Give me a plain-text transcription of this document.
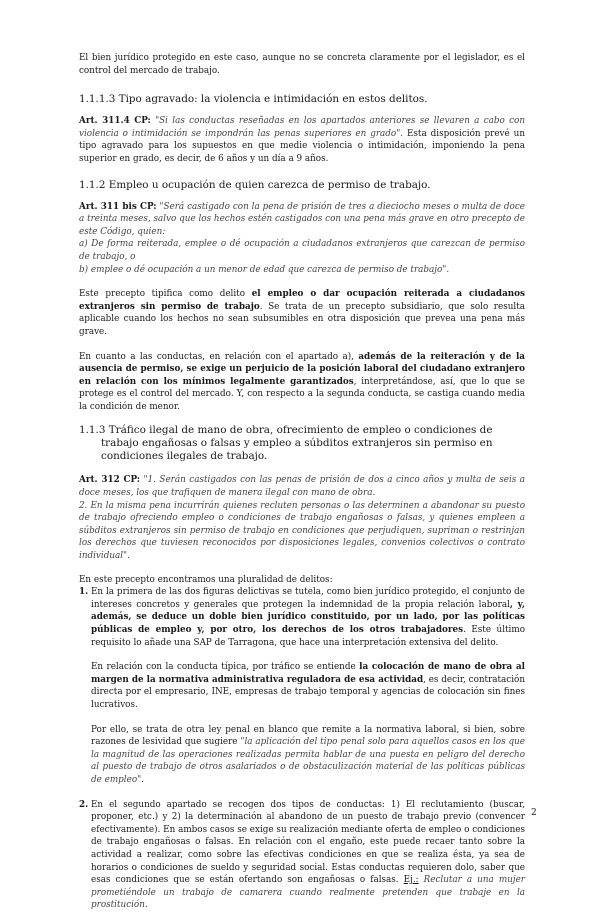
El bien jurídico protegido en este caso, aunque no se concreta claramente por el legislador, es el control del mercado de trabajo.

1.1.1.3 Tipo agravado: la violencia e intimidación en estos delitos.

Art. 311.4 CP: "Si las conductas reseñadas en los apartados anteriores se llevaren a cabo con violencia o intimidación se impondrán las penas superiores en grado". Esta disposición prevé un tipo agravado para los supuestos en que medie violencia o intimidación, imponiendo la pena superior en grado, es decir, de 6 años y un día a 9 años.

1.1.2 Empleo u ocupación de quien carezca de permiso de trabajo.

Art. 311 bis CP: "Será castigado con la pena de prisión de tres a dieciocho meses o multa de doce a treinta meses, salvo que los hechos estén castigados con una pena más grave en otro precepto de este Código, quien:

a) De forma reiterada, emplee o dé ocupación a ciudadanos extranjeros que carezcan de permiso de trabajo, o

b) emplee o dé ocupación a un menor de edad que carezca de permiso de trabajo".

Este precepto tipifica como delito el empleo o dar ocupación reiterada a ciudadanos extranjeros sin permiso de trabajo. Se trata de un precepto subsidiario, que solo resulta aplicable cuando los hechos no sean subsumibles en otra disposición que prevea una pena más grave.

En cuanto a las conductas, en relación con el apartado a), además de la reiteración y de la ausencia de permiso, se exige un perjuicio de la posición laboral del ciudadano extranjero en relación con los mínimos legalmente garantizados, interpretándose, así, que lo que se protege es el control del mercado. Y, con respecto a la segunda conducta, se castiga cuando media la condición de menor.

1.1.3 Tráfico ilegal de mano de obra, ofrecimiento de empleo o condiciones de trabajo engañosas o falsas y empleo a súbditos extranjeros sin permiso en condiciones ilegales de trabajo.

Art. 312 CP: "1. Serán castigados con las penas de prisión de dos a cinco años y multa de seis a doce meses, los que trafiquen de manera ilegal con mano de obra.

2. En la misma pena incurrirán quienes recluten personas o las determinen a abandonar su puesto de trabajo ofreciendo empleo o condiciones de trabajo engañosas o falsas, y quienes empleen a súbditos extranjeros sin permiso de trabajo en condiciones que perjudiquen, supriman o restrinjan los derechos que tuviesen reconocidos por disposiciones legales, convenios colectivos o contrato individual".

En este precepto encontramos una pluralidad de delitos:

1. En la primera de las dos figuras delictivas se tutela, como bien jurídico protegido, el conjunto de intereses concretos y generales que protegen la indemnidad de la propia relación laboral, y, además, se deduce un doble bien jurídico constituido, por un lado, por las políticas públicas de empleo y, por otro, los derechos de los otros trabajadores. Este último requisito lo añade una SAP de Tarragona, que hace una interpretación extensiva del delito.

En relación con la conducta típica, por tráfico se entiende la colocación de mano de obra al margen de la normativa administrativa reguladora de esa actividad, es decir, contratación directa por el empresario, INE, empresas de trabajo temporal y agencias de colocación sin fines lucrativos.

Por ello, se trata de otra ley penal en blanco que remite a la normativa laboral, si bien, sobre razones de lesividad que sugiere "la aplicación del tipo penal solo para aquellos casos en los que la magnitud de las operaciones realizadas permita hablar de una puesta en peligro del derecho al puesto de trabajo de otros asalariados o de obstaculización material de las políticas públicas de empleo".

2. En el segundo apartado se recogen dos tipos de conductas: 1) El reclutamiento (buscar, proponer, etc.) y 2) la determinación al abandono de un puesto de trabajo previo (convencer efectivamente). En ambos casos se exige su realización mediante oferta de empleo o condiciones de trabajo engañosas o falsas. En relación con el engaño, este puede recaer tanto sobre la actividad a realizar, como sobre las efectivas condiciones en que se realiza ésta, ya sea de horarios o condiciones de sueldo y seguridad social. Estas conductas requieren dolo, saber que esas condiciones que se están ofertando son engañosas o falsas. Ej.: Reclutar a una mujer prometiéndole un trabajo de camarera cuando realmente pretenden que trabaje en la prostitución.

2
